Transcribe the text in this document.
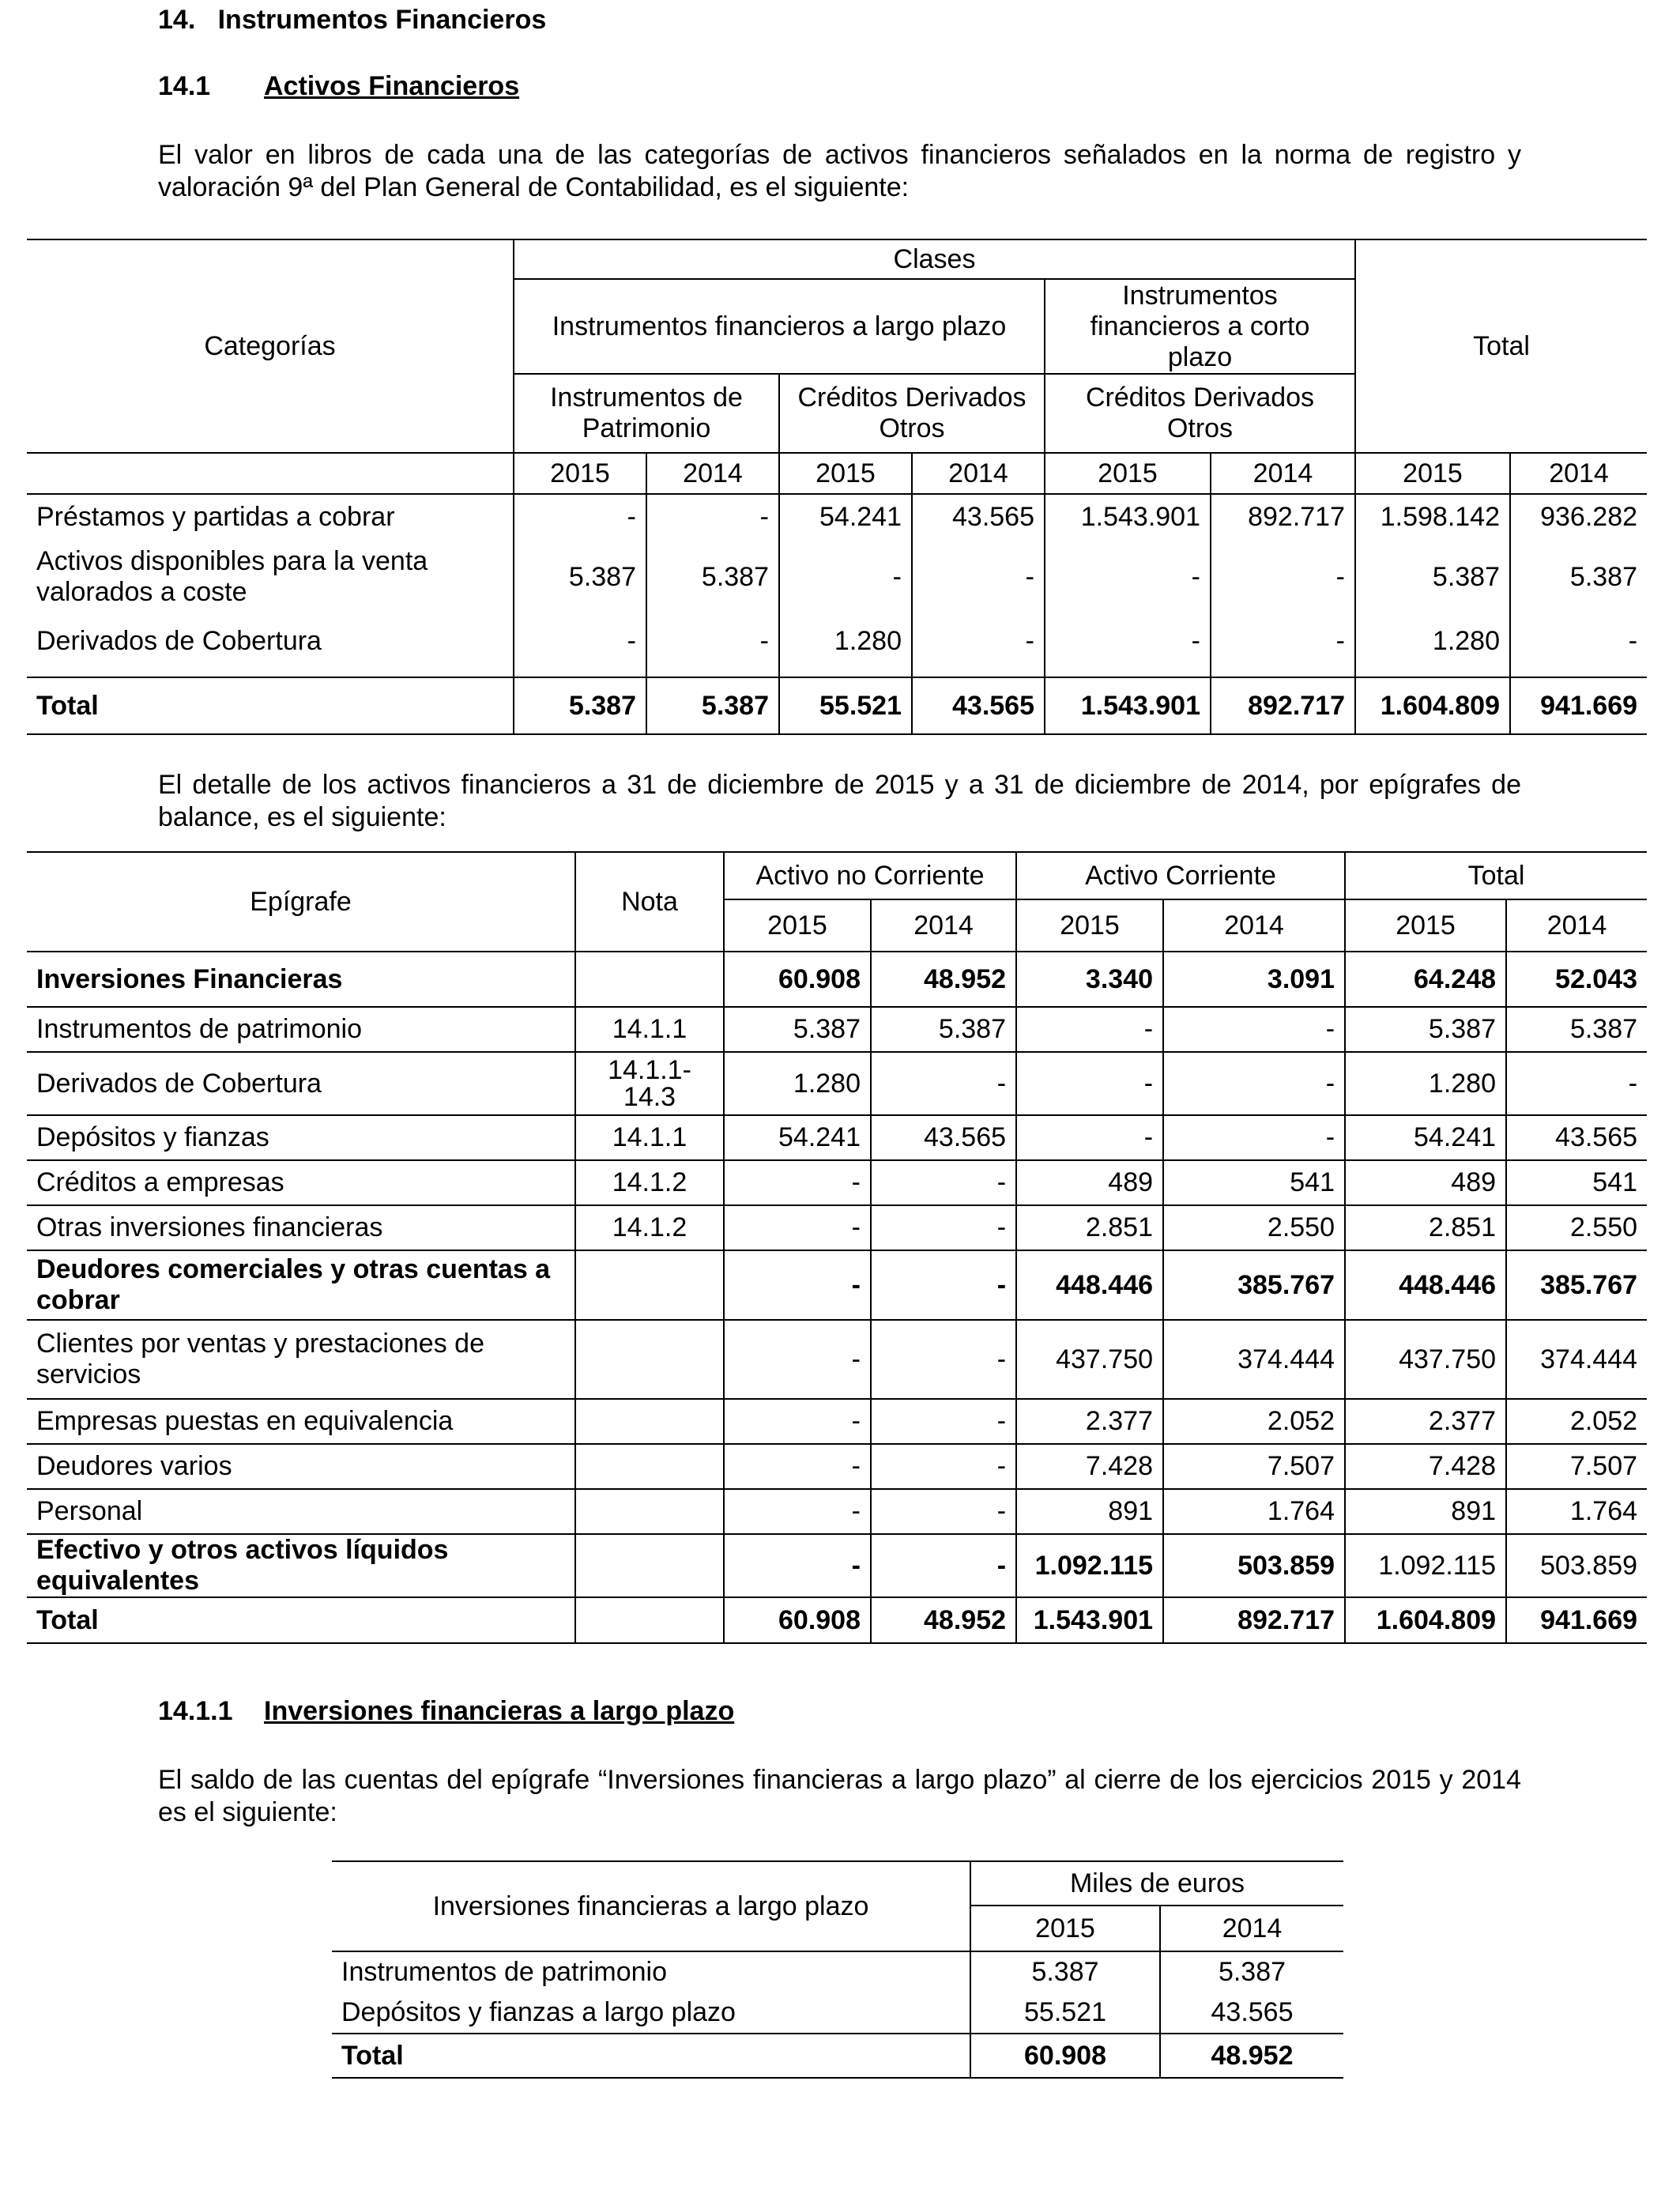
14. Instrumentos Financieros
14.1 Activos Financieros
El valor en libros de cada una de las categorías de activos financieros señalados en la norma de registro y valoración 9ª del Plan General de Contabilidad, es el siguiente:
Categorías	Clases						Total	
	Instrumentos financieros a largo plazo				Instrumentos financieros a corto plazo			
	Instrumentos de Patrimonio		Créditos Derivados Otros		Créditos Derivados Otros			
	2015	2014	2015	2014	2015	2014	2015	2014
Préstamos y partidas a cobrar	-	-	54.241	43.565	1.543.901	892.717	1.598.142	936.282
Activos disponibles para la venta valorados a coste	5.387	5.387	-	-	-	-	5.387	5.387
Derivados de Cobertura	-	-	1.280	-	-	-	1.280	-

Total	5.387	5.387	55.521	43.565	1.543.901	892.717	1.604.809	941.669
El detalle de los activos financieros a 31 de diciembre de 2015 y a 31 de diciembre de 2014, por epígrafes de balance, es el siguiente:
Epígrafe	Nota	Activo no Corriente		Activo Corriente		Total	
		2015	2014	2015	2014	2015	2014
Inversiones Financieras		60.908	48.952	3.340	3.091	64.248	52.043
Instrumentos de patrimonio	14.1.1	5.387	5.387	-	-	5.387	5.387
Derivados de Cobertura	14.1.1-14.3	1.280	-	-	-	1.280	-
Depósitos y fianzas	14.1.1	54.241	43.565	-	-	54.241	43.565
Créditos a empresas	14.1.2	-	-	489	541	489	541
Otras inversiones financieras	14.1.2	-	-	2.851	2.550	2.851	2.550
Deudores comerciales y otras cuentas a cobrar		-	-	448.446	385.767	448.446	385.767
Clientes por ventas y prestaciones de servicios		-	-	437.750	374.444	437.750	374.444
Empresas puestas en equivalencia		-	-	2.377	2.052	2.377	2.052
Deudores varios		-	-	7.428	7.507	7.428	7.507
Personal		-	-	891	1.764	891	1.764
Efectivo y otros activos líquidos equivalentes		-	-	1.092.115	503.859	1.092.115	503.859
Total		60.908	48.952	1.543.901	892.717	1.604.809	941.669
14.1.1 Inversiones financieras a largo plazo
El saldo de las cuentas del epígrafe “Inversiones financieras a largo plazo” al cierre de los ejercicios 2015 y 2014 es el siguiente:
Inversiones financieras a largo plazo	Miles de euros	
	2015	2014
Instrumentos de patrimonio	5.387	5.387
Depósitos y fianzas a largo plazo	55.521	43.565
Total	60.908	48.952
